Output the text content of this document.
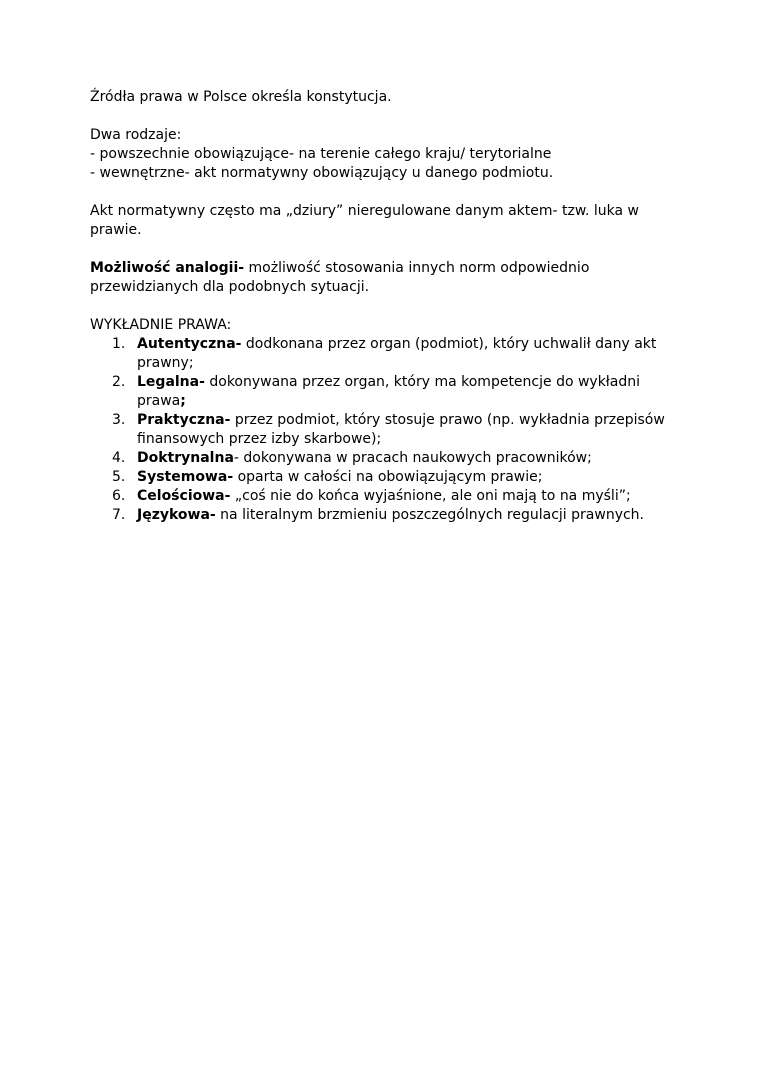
Źródła prawa w Polsce określa konstytucja.

Dwa rodzaje:

- powszechnie obowiązujące- na terenie całego kraju/ terytorialne

- wewnętrzne- akt normatywny obowiązujący u danego podmiotu.

Akt normatywny często ma „dziury” nieregulowane danym aktem- tzw. luka w prawie.

Możliwość analogii- możliwość stosowania innych norm odpowiednio przewidzianych dla podobnych sytuacji.

WYKŁADNIE PRAWA:

1. Autentyczna- dodkonana przez organ (podmiot), który uchwalił dany akt prawny;
2. Legalna- dokonywana przez organ, który ma kompetencje do wykładni prawa;
3. Praktyczna- przez podmiot, który stosuje prawo (np. wykładnia przepisów finansowych przez izby skarbowe);
4. Doktrynalna- dokonywana w pracach naukowych pracowników;
5. Systemowa- oparta w całości na obowiązującym prawie;
6. Celościowa- „coś nie do końca wyjaśnione, ale oni mają to na myśli”;
7. Językowa- na literalnym brzmieniu poszczególnych regulacji prawnych.
